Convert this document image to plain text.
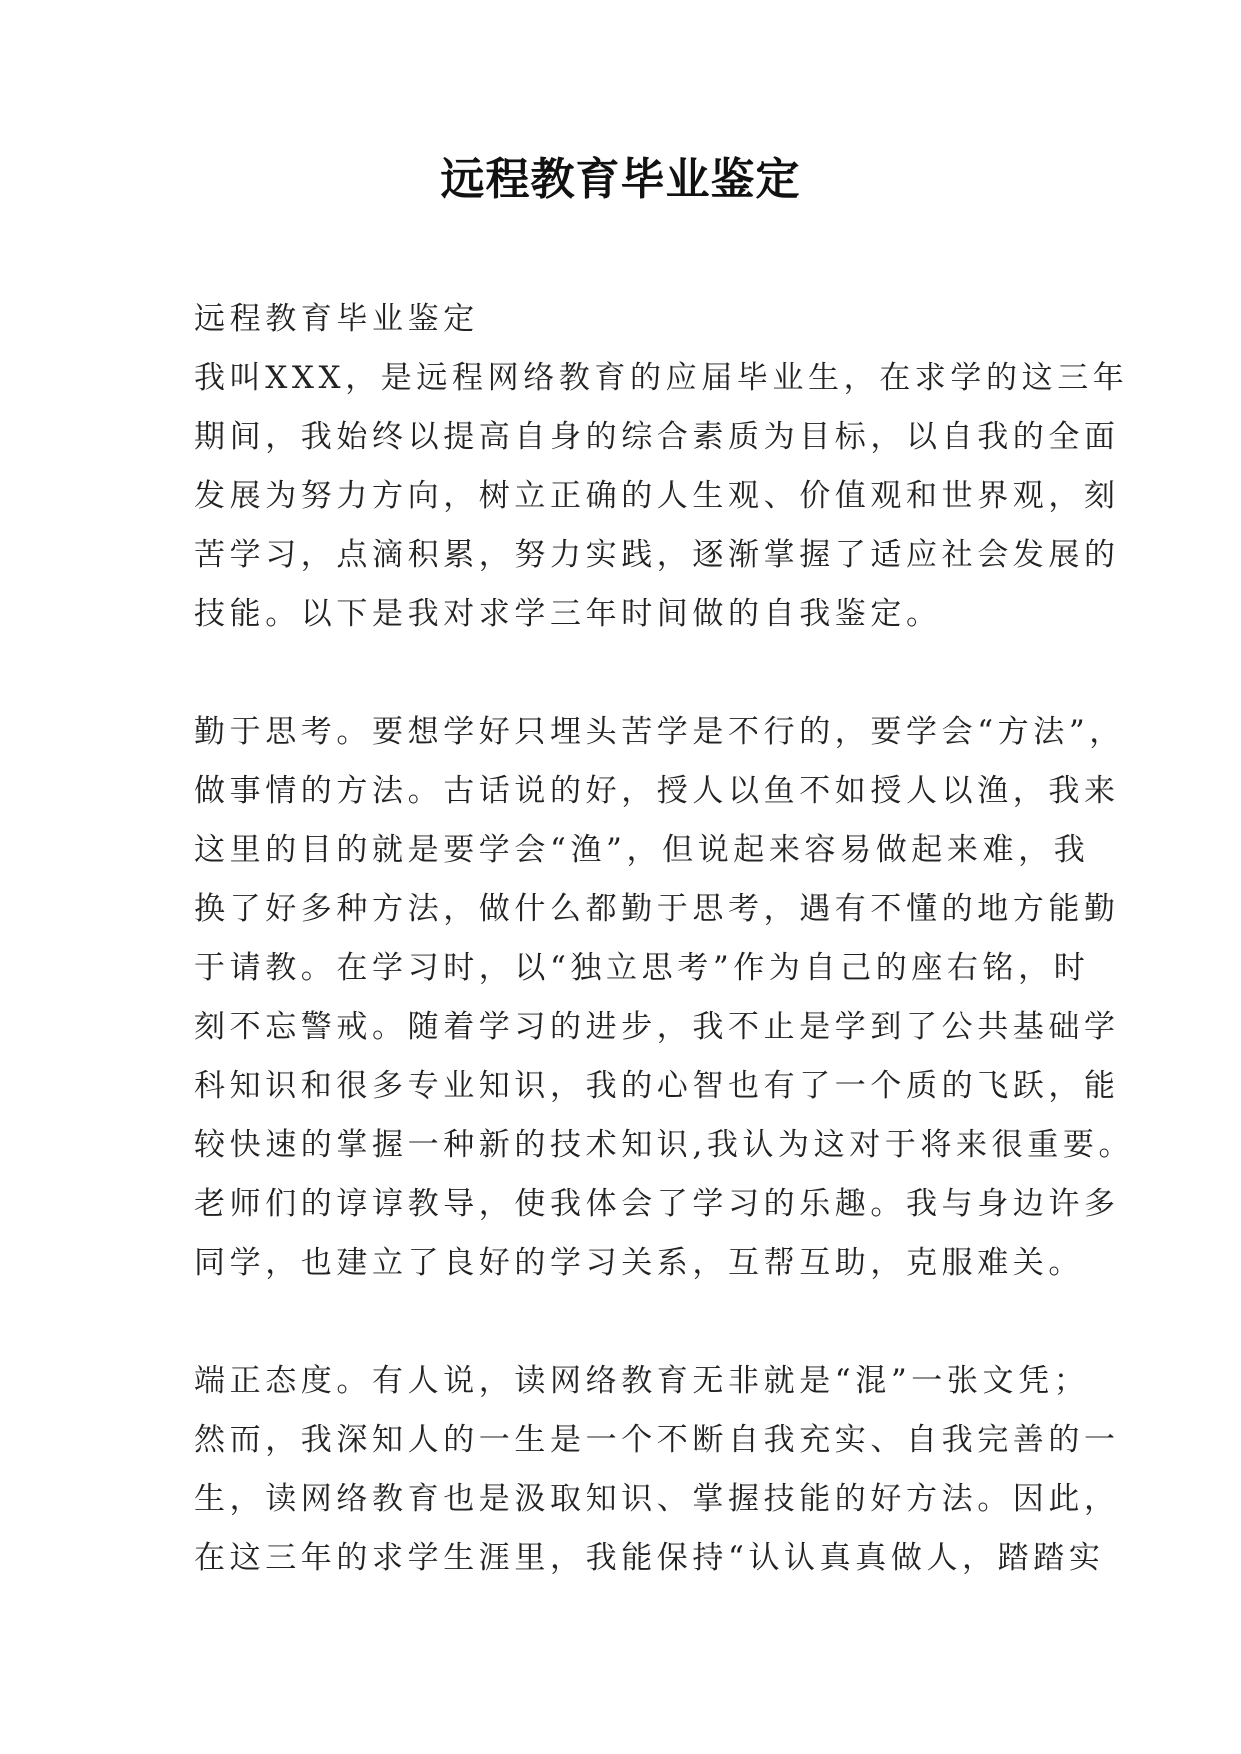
远程教育毕业鉴定
远程教育毕业鉴定
我叫XXX，是远程网络教育的应届毕业生，在求学的这三年
期间，我始终以提高自身的综合素质为目标，以自我的全面
发展为努力方向，树立正确的人生观、价值观和世界观，刻
苦学习，点滴积累，努力实践，逐渐掌握了适应社会发展的
技能。以下是我对求学三年时间做的自我鉴定。
勤于思考。要想学好只埋头苦学是不行的，要学会“方法”，
做事情的方法。古话说的好，授人以鱼不如授人以渔，我来
这里的目的就是要学会“渔”，但说起来容易做起来难，我
换了好多种方法，做什么都勤于思考，遇有不懂的地方能勤
于请教。在学习时，以“独立思考”作为自己的座右铭，时
刻不忘警戒。随着学习的进步，我不止是学到了公共基础学
科知识和很多专业知识，我的心智也有了一个质的飞跃，能
较快速的掌握一种新的技术知识,我认为这对于将来很重要。
老师们的谆谆教导，使我体会了学习的乐趣。我与身边许多
同学，也建立了良好的学习关系，互帮互助，克服难关。
端正态度。有人说，读网络教育无非就是“混”一张文凭；
然而，我深知人的一生是一个不断自我充实、自我完善的一
生，读网络教育也是汲取知识、掌握技能的好方法。因此，
在这三年的求学生涯里，我能保持“认认真真做人，踏踏实
